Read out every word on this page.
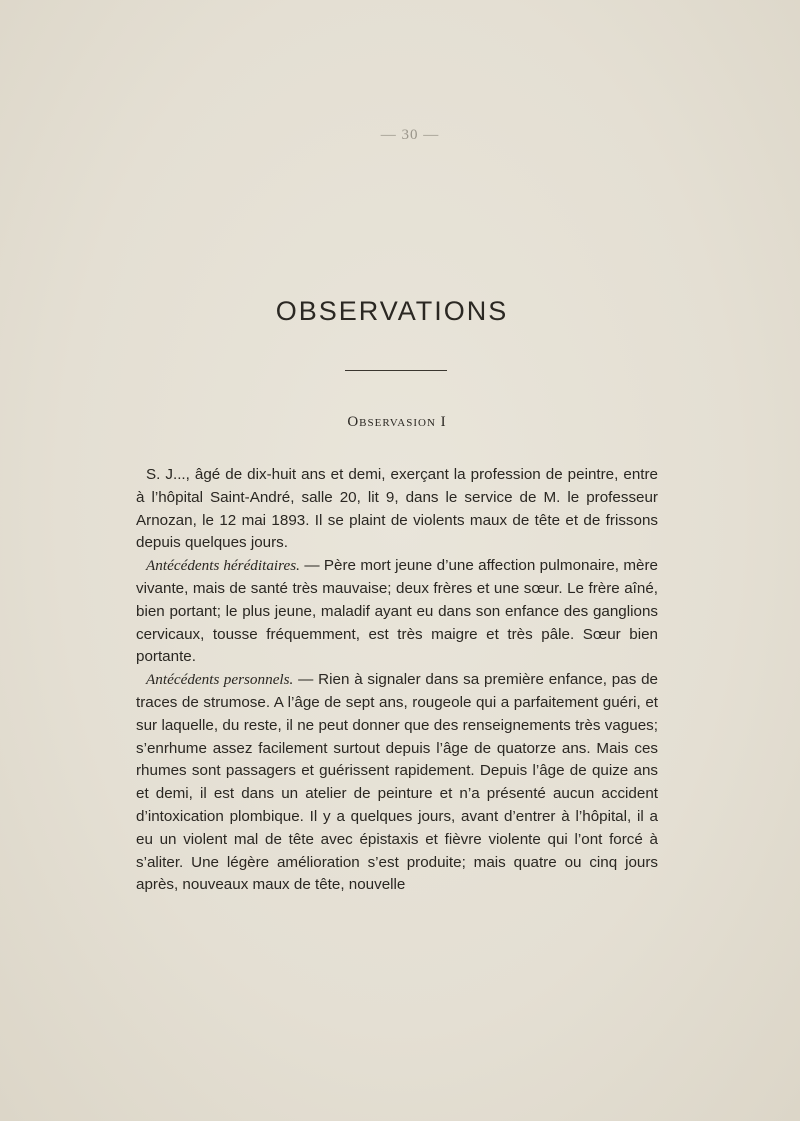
— 30 —
OBSERVATIONS
Observasion I

S. J..., âgé de dix-huit ans et demi, exerçant la profession de peintre, entre à l’hôpital Saint-André, salle 20, lit 9, dans le service de M. le professeur Arnozan, le 12 mai 1893. Il se plaint de violents maux de tête et de frissons depuis quelques jours.

Antécédents héréditaires. — Père mort jeune d’une affection pulmonaire, mère vivante, mais de santé très mauvaise; deux frères et une sœur. Le frère aîné, bien portant; le plus jeune, maladif ayant eu dans son enfance des ganglions cervicaux, tousse fréquemment, est très maigre et très pâle. Sœur bien portante.

Antécédents personnels. — Rien à signaler dans sa première enfance, pas de traces de strumose. A l’âge de sept ans, rougeole qui a parfaitement guéri, et sur laquelle, du reste, il ne peut donner que des renseignements très vagues; s’enrhume assez facilement surtout depuis l’âge de quatorze ans. Mais ces rhumes sont passagers et guérissent rapidement. Depuis l’âge de quize ans et demi, il est dans un atelier de peinture et n’a présenté aucun accident d’intoxication plombique. Il y a quelques jours, avant d’entrer à l’hôpital, il a eu un violent mal de tête avec épistaxis et fièvre violente qui l’ont forcé à s’aliter. Une légère amélioration s’est produite; mais quatre ou cinq jours après, nouveaux maux de tête, nouvelle
